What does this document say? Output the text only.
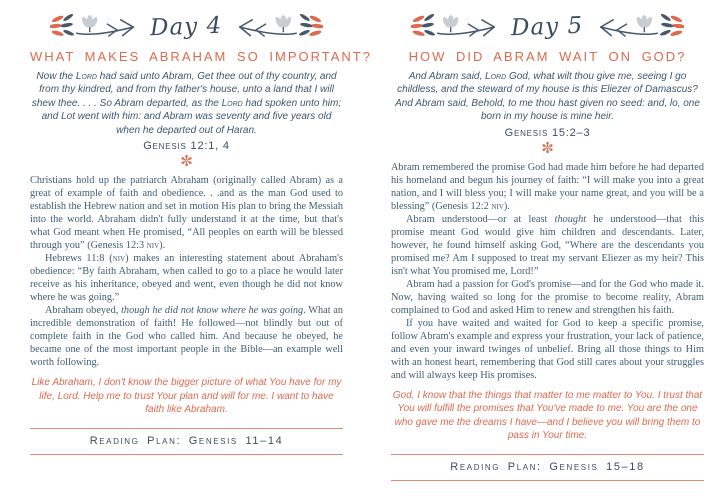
Day 4
WHAT MAKES ABRAHAM SO IMPORTANT?
Now the Lord had said unto Abram, Get thee out of thy country, and from thy kindred, and from thy father's house, unto a land that I will shew thee. . . . So Abram departed, as the Lord had spoken unto him; and Lot went with him: and Abram was seventy and five years old when he departed out of Haran.
Genesis 12:1, 4
✼

Christians hold up the patriarch Abraham (originally called Abram) as a great of example of faith and obedience. . .and as the man God used to establish the Hebrew nation and set in motion His plan to bring the Messiah into the world. Abraham didn't fully understand it at the time, but that's what God meant when He promised, “All peoples on earth will be blessed through you” (Genesis 12:3 niv).

Hebrews 11:8 (niv) makes an interesting statement about Abraham's obedience: “By faith Abraham, when called to go to a place he would later receive as his inheritance, obeyed and went, even though he did not know where he was going.”

Abraham obeyed, though he did not know where he was going. What an incredible demonstration of faith! He followed—not blindly but out of complete faith in the God who called him. And because he obeyed, he became one of the most important people in the Bible—an example well worth following.

Like Abraham, I don't know the bigger picture of what You have for my life, Lord. Help me to trust Your plan and will for me. I want to have faith like Abraham.
Reading Plan: Genesis 11–14
Day 5
HOW DID ABRAM WAIT ON GOD?
And Abram said, Lord God, what wilt thou give me, seeing I go childless, and the steward of my house is this Eliezer of Damascus? And Abram said, Behold, to me thou hast given no seed: and, lo, one born in my house is mine heir.
Genesis 15:2–3
✼

Abram remembered the promise God had made him before he had departed his homeland and begun his journey of faith: “I will make you into a great nation, and I will bless you; I will make your name great, and you will be a blessing” (Genesis 12:2 niv).

Abram understood—or at least thought he understood—that this promise meant God would give him children and descendants. Later, however, he found himself asking God, “Where are the descendants you promised me? Am I supposed to treat my servant Eliezer as my heir? This isn't what You promised me, Lord!”

Abram had a passion for God's promise—and for the God who made it. Now, having waited so long for the promise to become reality, Abram complained to God and asked Him to renew and strengthen his faith.

If you have waited and waited for God to keep a specific promise, follow Abram's example and express your frustration, your lack of patience, and even your inward twinges of unbelief. Bring all those things to Him with an honest heart, remembering that God still cares about your struggles and will always keep His promises.

God, I know that the things that matter to me matter to You. I trust that You will fulfill the promises that You've made to me. You are the one who gave me the dreams I have—and I believe you will bring them to pass in Your time.
Reading Plan: Genesis 15–18
